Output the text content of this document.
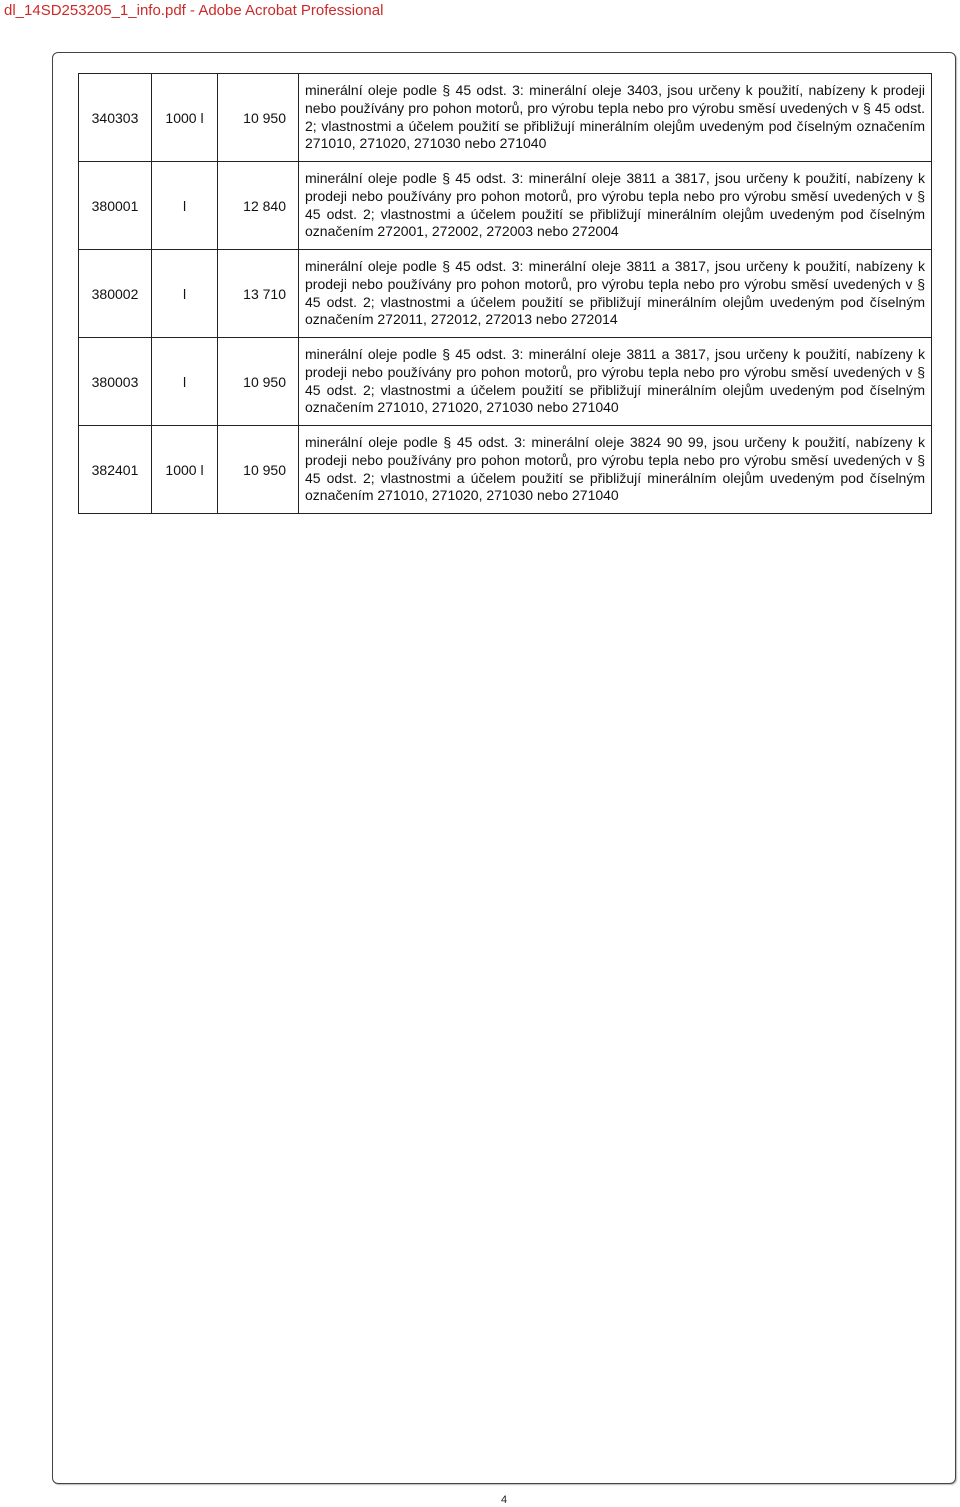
dl_14SD253205_1_info.pdf - Adobe Acrobat Professional
340303	1000 l	10 950	minerální oleje podle § 45 odst. 3: minerální oleje 3403, jsou určeny k použití, nabízeny k prodeji nebo používány pro pohon motorů, pro výrobu tepla nebo pro výrobu směsí uvedených v § 45 odst. 2; vlastnostmi a účelem použití se přibližují minerálním olejům uvedeným pod číselným označením 271010, 271020, 271030 nebo 271040
380001	l	12 840	minerální oleje podle § 45 odst. 3: minerální oleje 3811 a 3817, jsou určeny k použití, nabízeny k prodeji nebo používány pro pohon motorů, pro výrobu tepla nebo pro výrobu směsí uvedených v § 45 odst. 2; vlastnostmi a účelem použití se přibližují minerálním olejům uvedeným pod číselným označením 272001, 272002, 272003 nebo 272004
380002	l	13 710	minerální oleje podle § 45 odst. 3: minerální oleje 3811 a 3817, jsou určeny k použití, nabízeny k prodeji nebo používány pro pohon motorů, pro výrobu tepla nebo pro výrobu směsí uvedených v § 45 odst. 2; vlastnostmi a účelem použití se přibližují minerálním olejům uvedeným pod číselným označením 272011, 272012, 272013 nebo 272014
380003	l	10 950	minerální oleje podle § 45 odst. 3: minerální oleje 3811 a 3817, jsou určeny k použití, nabízeny k prodeji nebo používány pro pohon motorů, pro výrobu tepla nebo pro výrobu směsí uvedených v § 45 odst. 2; vlastnostmi a účelem použití se přibližují minerálním olejům uvedeným pod číselným označením 271010, 271020, 271030 nebo 271040
382401	1000 l	10 950	minerální oleje podle § 45 odst. 3: minerální oleje 3824 90 99, jsou určeny k použití, nabízeny k prodeji nebo používány pro pohon motorů, pro výrobu tepla nebo pro výrobu směsí uvedených v § 45 odst. 2; vlastnostmi a účelem použití se přibližují minerálním olejům uvedeným pod číselným označením 271010, 271020, 271030 nebo 271040
4
